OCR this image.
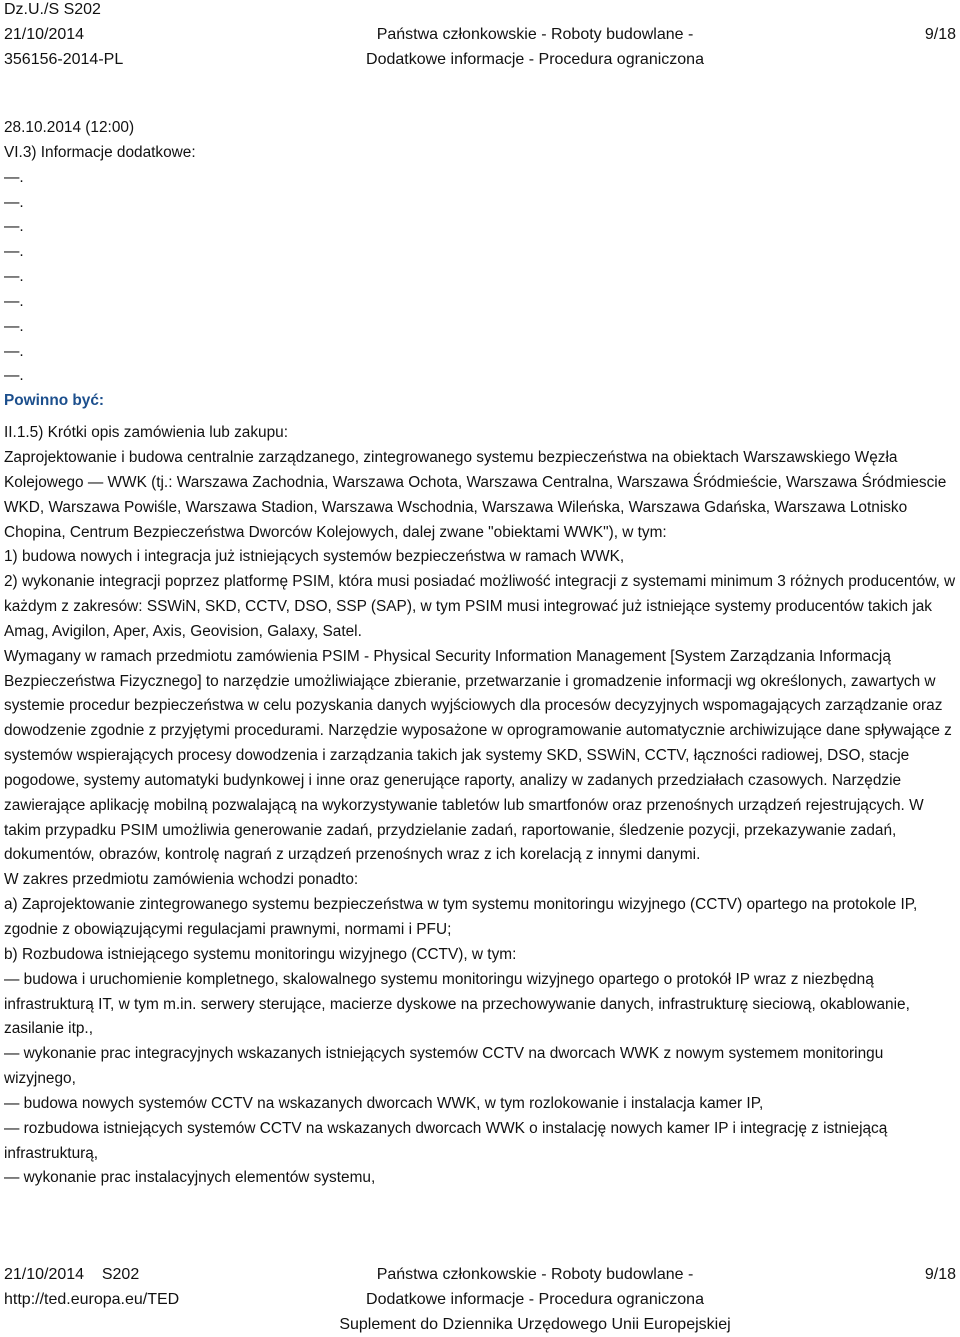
Dz.U./S S202
21/10/2014
356156-2014-PL
Państwa członkowskie - Roboty budowlane -
Dodatkowe informacje - Procedura ograniczona
9/18

28.10.2014 (12:00)

VI.3) Informacje dodatkowe:

—.

—.

—.

—.

—.

—.

—.

—.

—.

Powinno być:

II.1.5) Krótki opis zamówienia lub zakupu:

Zaprojektowanie i budowa centralnie zarządzanego, zintegrowanego systemu bezpieczeństwa na obiektach Warszawskiego Węzła Kolejowego — WWK (tj.: Warszawa Zachodnia, Warszawa Ochota, Warszawa Centralna, Warszawa Śródmieście, Warszawa Śródmiescie WKD, Warszawa Powiśle, Warszawa Stadion, Warszawa Wschodnia, Warszawa Wileńska, Warszawa Gdańska, Warszawa Lotnisko Chopina, Centrum Bezpieczeństwa Dworców Kolejowych, dalej zwane "obiektami WWK"), w tym:

1) budowa nowych i integracja już istniejących systemów bezpieczeństwa w ramach WWK,

2) wykonanie integracji poprzez platformę PSIM, która musi posiadać możliwość integracji z systemami minimum 3 różnych producentów, w każdym z zakresów: SSWiN, SKD, CCTV, DSO, SSP (SAP), w tym PSIM musi integrować już istniejące systemy producentów takich jak Amag, Avigilon, Aper, Axis, Geovision, Galaxy, Satel.

Wymagany w ramach przedmiotu zamówienia PSIM - Physical Security Information Management [System Zarządzania Informacją Bezpieczeństwa Fizycznego] to narzędzie umożliwiające zbieranie, przetwarzanie i gromadzenie informacji wg określonych, zawartych w systemie procedur bezpieczeństwa w celu pozyskania danych wyjściowych dla procesów decyzyjnych wspomagających zarządzanie oraz dowodzenie zgodnie z przyjętymi procedurami. Narzędzie wyposażone w oprogramowanie automatycznie archiwizujące dane spływające z systemów wspierających procesy dowodzenia i zarządzania takich jak systemy SKD, SSWiN, CCTV, łączności radiowej, DSO, stacje pogodowe, systemy automatyki budynkowej i inne oraz generujące raporty, analizy w zadanych przedziałach czasowych. Narzędzie zawierające aplikację mobilną pozwalającą na wykorzystywanie tabletów lub smartfonów oraz przenośnych urządzeń rejestrujących. W takim przypadku PSIM umożliwia generowanie zadań, przydzielanie zadań, raportowanie, śledzenie pozycji, przekazywanie zadań, dokumentów, obrazów, kontrolę nagrań z urządzeń przenośnych wraz z ich korelacją z innymi danymi.

W zakres przedmiotu zamówienia wchodzi ponadto:

a) Zaprojektowanie zintegrowanego systemu bezpieczeństwa w tym systemu monitoringu wizyjnego (CCTV) opartego na protokole IP, zgodnie z obowiązującymi regulacjami prawnymi, normami i PFU;

b) Rozbudowa istniejącego systemu monitoringu wizyjnego (CCTV), w tym:

— budowa i uruchomienie kompletnego, skalowalnego systemu monitoringu wizyjnego opartego o protokół IP wraz z niezbędną infrastrukturą IT, w tym m.in. serwery sterujące, macierze dyskowe na przechowywanie danych, infrastrukturę sieciową, okablowanie, zasilanie itp.,

— wykonanie prac integracyjnych wskazanych istniejących systemów CCTV na dworcach WWK z nowym systemem monitoringu wizyjnego,

— budowa nowych systemów CCTV na wskazanych dworcach WWK, w tym rozlokowanie i instalacja kamer IP,

— rozbudowa istniejących systemów CCTV na wskazanych dworcach WWK o instalację nowych kamer IP i integrację z istniejącą infrastrukturą,

— wykonanie prac instalacyjnych elementów systemu,

21/10/2014    S202
http://ted.europa.eu/TED
Państwa członkowskie - Roboty budowlane -
Dodatkowe informacje - Procedura ograniczona
Suplement do Dziennika Urzędowego Unii Europejskiej
9/18
